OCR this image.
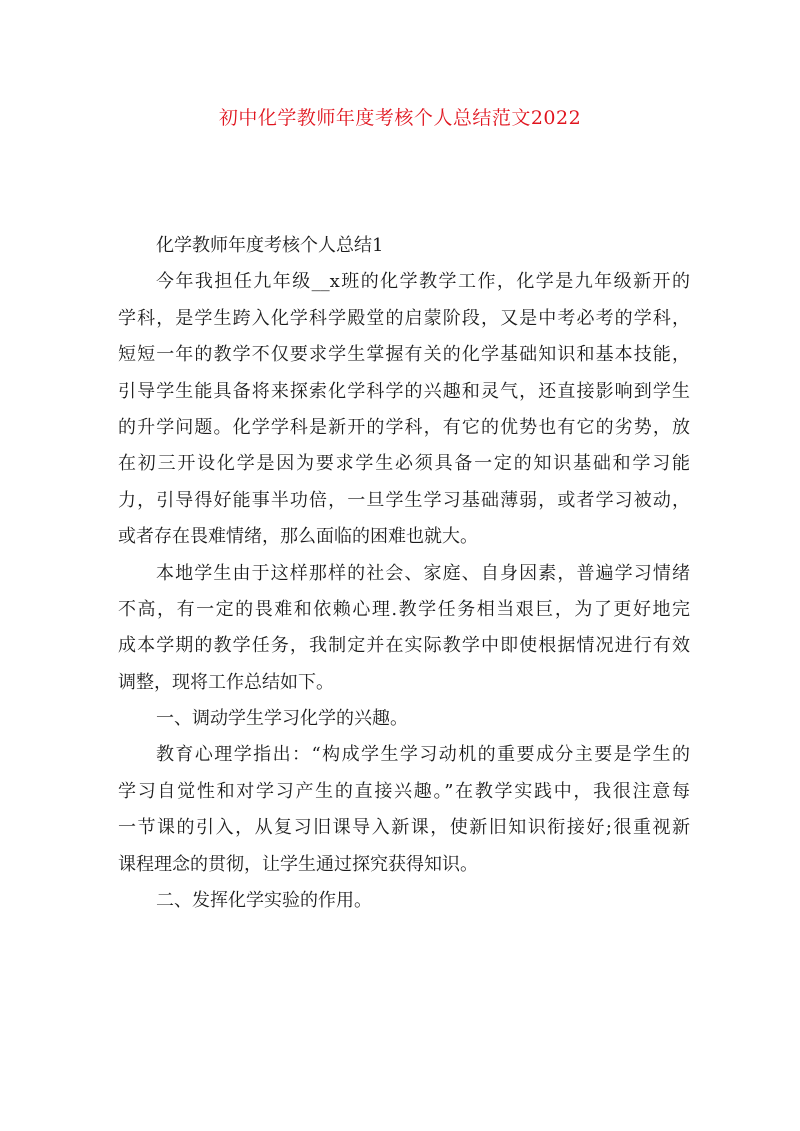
初中化学教师年度考核个人总结范文2022
化学教师年度考核个人总结1
今年我担任九年级__x班的化学教学工作，化学是九年级新开的
学科，是学生跨入化学科学殿堂的启蒙阶段，又是中考必考的学科，
短短一年的教学不仅要求学生掌握有关的化学基础知识和基本技能，
引导学生能具备将来探索化学科学的兴趣和灵气，还直接影响到学生
的升学问题。化学学科是新开的学科，有它的优势也有它的劣势，放
在初三开设化学是因为要求学生必须具备一定的知识基础和学习能
力，引导得好能事半功倍，一旦学生学习基础薄弱，或者学习被动，
或者存在畏难情绪，那么面临的困难也就大。
本地学生由于这样那样的社会、家庭、自身因素，普遍学习情绪
不高，有一定的畏难和依赖心理.教学任务相当艰巨，为了更好地完
成本学期的教学任务，我制定并在实际教学中即使根据情况进行有效
调整，现将工作总结如下。
一、调动学生学习化学的兴趣。
教育心理学指出：“构成学生学习动机的重要成分主要是学生的
学习自觉性和对学习产生的直接兴趣。”在教学实践中，我很注意每
一节课的引入，从复习旧课导入新课，使新旧知识衔接好;很重视新
课程理念的贯彻，让学生通过探究获得知识。
二、发挥化学实验的作用。
